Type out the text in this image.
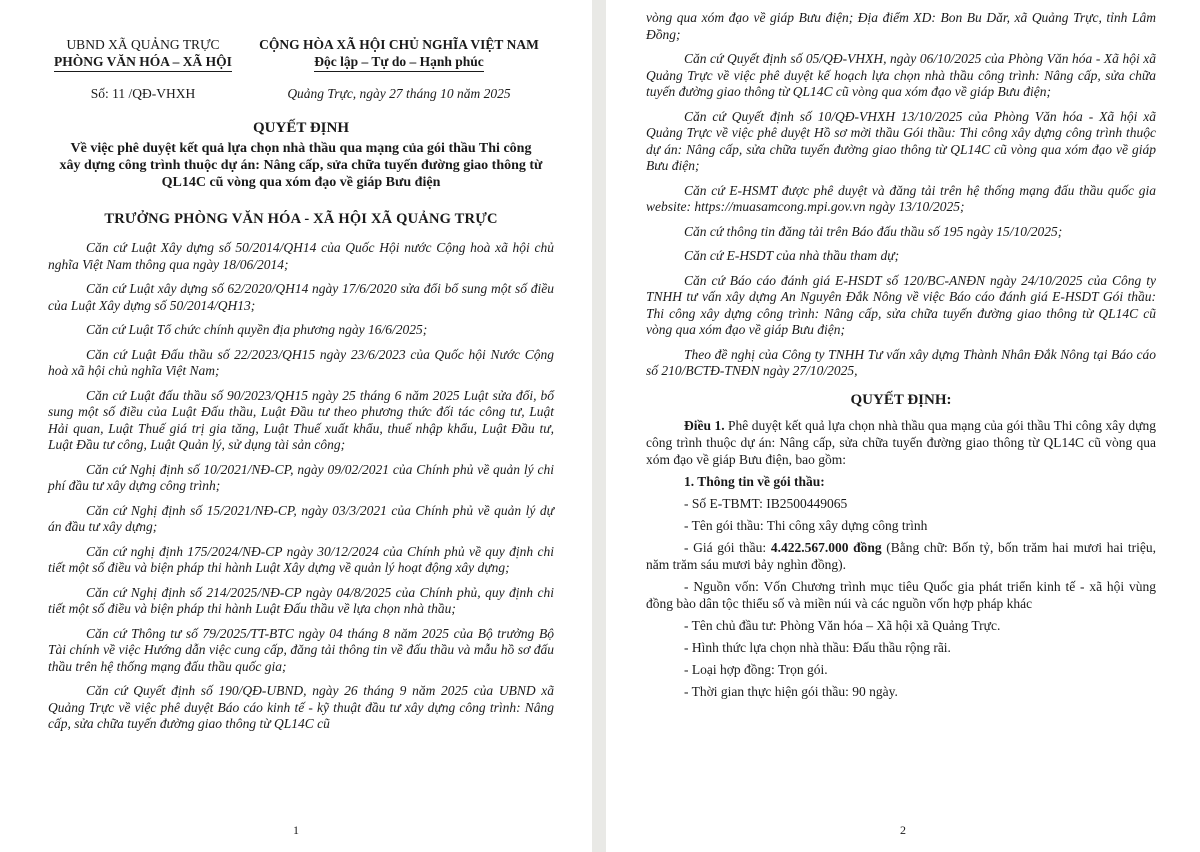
UBND XÃ QUẢNG TRỰC
PHÒNG VĂN HÓA – XÃ HỘI
CỘNG HÒA XÃ HỘI CHỦ NGHĨA VIỆT NAM
Độc lập – Tự do – Hạnh phúc
Số: 11 /QĐ-VHXH	Quảng Trực, ngày 27 tháng 10 năm 2025
QUYẾT ĐỊNH
Về việc phê duyệt kết quả lựa chọn nhà thầu qua mạng của gói thầu Thi công
xây dựng công trình thuộc dự án: Nâng cấp, sửa chữa tuyến đường giao thông từ
QL14C cũ vòng qua xóm đạo về giáp Bưu điện
TRƯỞNG PHÒNG VĂN HÓA - XÃ HỘI XÃ QUẢNG TRỰC

Căn cứ Luật Xây dựng số 50/2014/QH14 của Quốc Hội nước Cộng hoà xã hội chủ nghĩa Việt Nam thông qua ngày 18/06/2014;

Căn cứ Luật xây dựng số 62/2020/QH14 ngày 17/6/2020 sửa đổi bổ sung một số điều của Luật Xây dựng số 50/2014/QH13;

Căn cứ Luật Tổ chức chính quyền địa phương ngày 16/6/2025;

Căn cứ Luật Đấu thầu số 22/2023/QH15 ngày 23/6/2023 của Quốc hội Nước Cộng hoà xã hội chủ nghĩa Việt Nam;

Căn cứ Luật đấu thầu số 90/2023/QH15 ngày 25 tháng 6 năm 2025 Luật sửa đổi, bổ sung một số điều của Luật Đấu thầu, Luật Đầu tư theo phương thức đối tác công tư, Luật Hải quan, Luật Thuế giá trị gia tăng, Luật Thuế xuất khẩu, thuế nhập khẩu, Luật Đầu tư, Luật Đầu tư công, Luật Quản lý, sử dụng tài sản công;

Căn cứ Nghị định số 10/2021/NĐ-CP, ngày 09/02/2021 của Chính phủ về quản lý chi phí đầu tư xây dựng công trình;

Căn cứ Nghị định số 15/2021/NĐ-CP, ngày 03/3/2021 của Chính phủ về quản lý dự án đầu tư xây dựng;

Căn cứ nghị định 175/2024/NĐ-CP ngày 30/12/2024 của Chính phủ về quy định chi tiết một số điều và biện pháp thi hành Luật Xây dựng về quản lý hoạt động xây dựng;

Căn cứ Nghị định số 214/2025/NĐ-CP ngày 04/8/2025 của Chính phủ, quy định chi tiết một số điều và biện pháp thi hành Luật Đấu thầu về lựa chọn nhà thầu;

Căn cứ Thông tư số 79/2025/TT-BTC ngày 04 tháng 8 năm 2025 của Bộ trưởng Bộ Tài chính về việc Hướng dẫn việc cung cấp, đăng tải thông tin về đấu thầu và mẫu hồ sơ đấu thầu trên hệ thống mạng đấu thầu quốc gia;

Căn cứ Quyết định số 190/QĐ-UBND, ngày 26 tháng 9 năm 2025 của UBND xã Quảng Trực về việc phê duyệt Báo cáo kinh tế - kỹ thuật đầu tư xây dựng công trình: Nâng cấp, sửa chữa tuyến đường giao thông từ QL14C cũ

1

vòng qua xóm đạo về giáp Bưu điện; Địa điểm XD: Bon Bu Dăr, xã Quảng Trực, tỉnh Lâm Đồng;

Căn cứ Quyết định số 05/QĐ-VHXH, ngày 06/10/2025 của Phòng Văn hóa - Xã hội xã Quảng Trực về việc phê duyệt kế hoạch lựa chọn nhà thầu công trình: Nâng cấp, sửa chữa tuyến đường giao thông từ QL14C cũ vòng qua xóm đạo về giáp Bưu điện;

Căn cứ Quyết định số 10/QĐ-VHXH 13/10/2025 của Phòng Văn hóa - Xã hội xã Quảng Trực về việc phê duyệt Hồ sơ mời thầu Gói thầu: Thi công xây dựng công trình thuộc dự án: Nâng cấp, sửa chữa tuyến đường giao thông từ QL14C cũ vòng qua xóm đạo về giáp Bưu điện;

Căn cứ E-HSMT được phê duyệt và đăng tải trên hệ thống mạng đấu thầu quốc gia website: https://muasamcong.mpi.gov.vn ngày 13/10/2025;

Căn cứ thông tin đăng tải trên Báo đấu thầu số 195 ngày 15/10/2025;

Căn cứ E-HSDT của nhà thầu tham dự;

Căn cứ Báo cáo đánh giá E-HSDT số 120/BC-ANĐN ngày 24/10/2025 của Công ty TNHH tư vấn xây dựng An Nguyên Đắk Nông về việc Báo cáo đánh giá E-HSDT Gói thầu: Thi công xây dựng công trình: Nâng cấp, sửa chữa tuyến đường giao thông từ QL14C cũ vòng qua xóm đạo về giáp Bưu điện;

Theo đề nghị của Công ty TNHH Tư vấn xây dựng Thành Nhân Đắk Nông tại Báo cáo số 210/BCTĐ-TNĐN ngày 27/10/2025,

QUYẾT ĐỊNH:

Điều 1. Phê duyệt kết quả lựa chọn nhà thầu qua mạng của gói thầu Thi công xây dựng công trình thuộc dự án: Nâng cấp, sửa chữa tuyến đường giao thông từ QL14C cũ vòng qua xóm đạo về giáp Bưu điện, bao gồm:

1. Thông tin về gói thầu:

- Số E-TBMT: IB2500449065

- Tên gói thầu: Thi công xây dựng công trình

- Giá gói thầu: 4.422.567.000 đồng (Bằng chữ: Bốn tỷ, bốn trăm hai mươi hai triệu, năm trăm sáu mươi bảy nghìn đồng).

- Nguồn vốn: Vốn Chương trình mục tiêu Quốc gia phát triển kinh tế - xã hội vùng đồng bào dân tộc thiểu số và miền núi và các nguồn vốn hợp pháp khác

- Tên chủ đầu tư: Phòng Văn hóa – Xã hội xã Quảng Trực.

- Hình thức lựa chọn nhà thầu: Đấu thầu rộng rãi.

- Loại hợp đồng: Trọn gói.

- Thời gian thực hiện gói thầu: 90 ngày.

2
